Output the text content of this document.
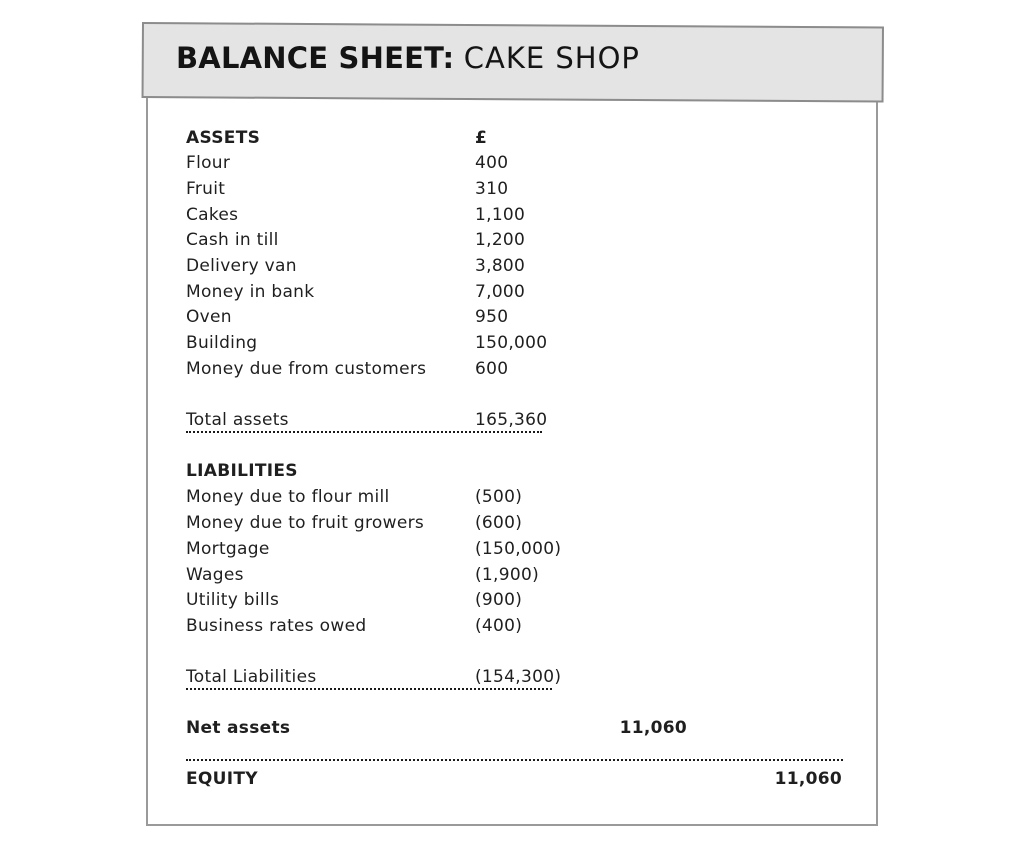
BALANCE SHEET: CAKE SHOP
ASSETS	£
Flour	400
Fruit	310
Cakes	1,100
Cash in till	1,200
Delivery van	3,800
Money in bank	7,000
Oven	950
Building	150,000
Money due from customers	600
Total assets	165,360
LIABILITIES
Money due to flour mill	(500)
Money due to fruit growers	(600)
Mortgage	(150,000)
Wages	(1,900)
Utility bills	(900)
Business rates owed	(400)
Total Liabilities	(154,300)
Net assets	11,060
EQUITY	11,060
